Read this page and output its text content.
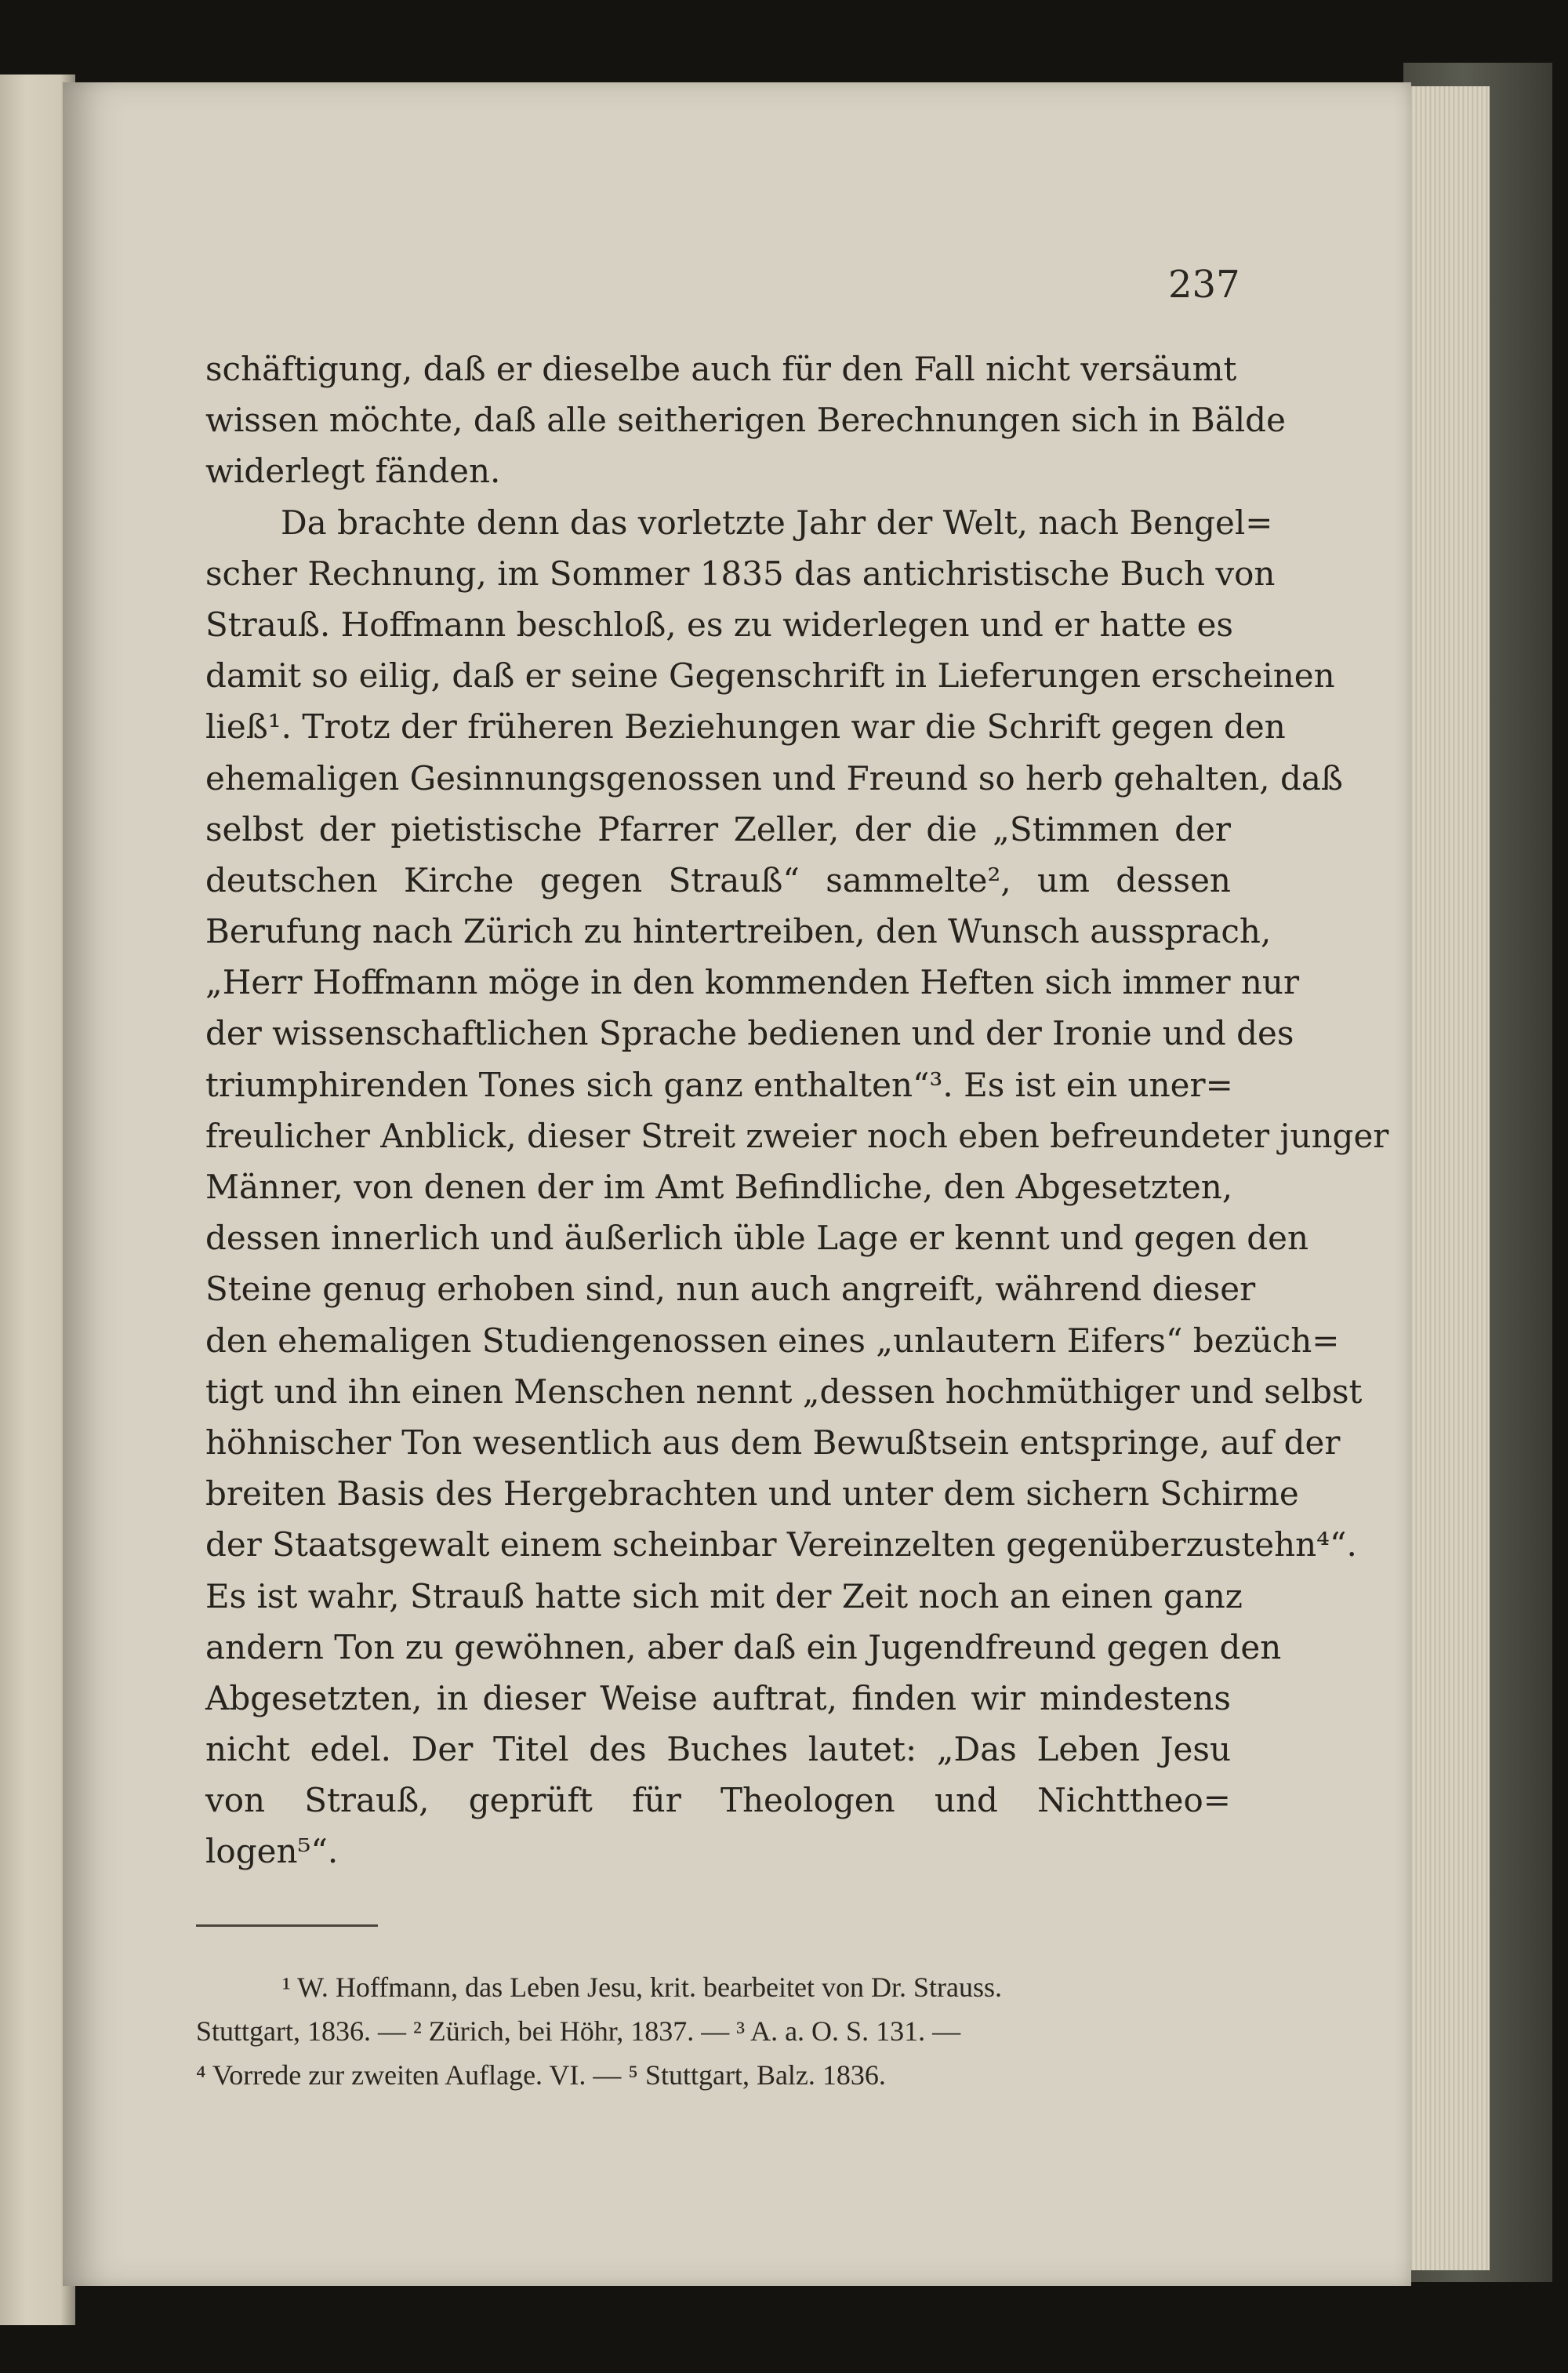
237
schäftigung, daß er dieselbe auch für den Fall nicht versäumt
wissen möchte, daß alle seitherigen Berechnungen sich in Bälde
widerlegt fänden.
Da brachte denn das vorletzte Jahr der Welt, nach Bengel=
scher Rechnung, im Sommer 1835 das antichristische Buch von
Strauß. Hoffmann beschloß, es zu widerlegen und er hatte es
damit so eilig, daß er seine Gegenschrift in Lieferungen erscheinen
ließ¹. Trotz der früheren Beziehungen war die Schrift gegen den
ehemaligen Gesinnungsgenossen und Freund so herb gehalten, daß
selbst der pietistische Pfarrer Zeller, der die „Stimmen der
deutschen Kirche gegen Strauß“ sammelte², um dessen
Berufung nach Zürich zu hintertreiben, den Wunsch aussprach,
„Herr Hoffmann möge in den kommenden Heften sich immer nur
der wissenschaftlichen Sprache bedienen und der Ironie und des
triumphirenden Tones sich ganz enthalten“³. Es ist ein uner=
freulicher Anblick, dieser Streit zweier noch eben befreundeter junger
Männer, von denen der im Amt Befindliche, den Abgesetzten,
dessen innerlich und äußerlich üble Lage er kennt und gegen den
Steine genug erhoben sind, nun auch angreift, während dieser
den ehemaligen Studiengenossen eines „unlautern Eifers“ bezüch=
tigt und ihn einen Menschen nennt „dessen hochmüthiger und selbst
höhnischer Ton wesentlich aus dem Bewußtsein entspringe, auf der
breiten Basis des Hergebrachten und unter dem sichern Schirme
der Staatsgewalt einem scheinbar Vereinzelten gegenüberzustehn⁴“.
Es ist wahr, Strauß hatte sich mit der Zeit noch an einen ganz
andern Ton zu gewöhnen, aber daß ein Jugendfreund gegen den
Abgesetzten, in dieser Weise auftrat, finden wir mindestens
nicht edel. Der Titel des Buches lautet: „Das Leben Jesu
von Strauß, geprüft für Theologen und Nichttheo=
logen⁵“.
¹ W. Hoffmann, das Leben Jesu, krit. bearbeitet von Dr. Strauss.
Stuttgart, 1836. — ² Zürich, bei Höhr, 1837. — ³ A. a. O. S. 131. —
⁴ Vorrede zur zweiten Auflage. VI. — ⁵ Stuttgart, Balz. 1836.
